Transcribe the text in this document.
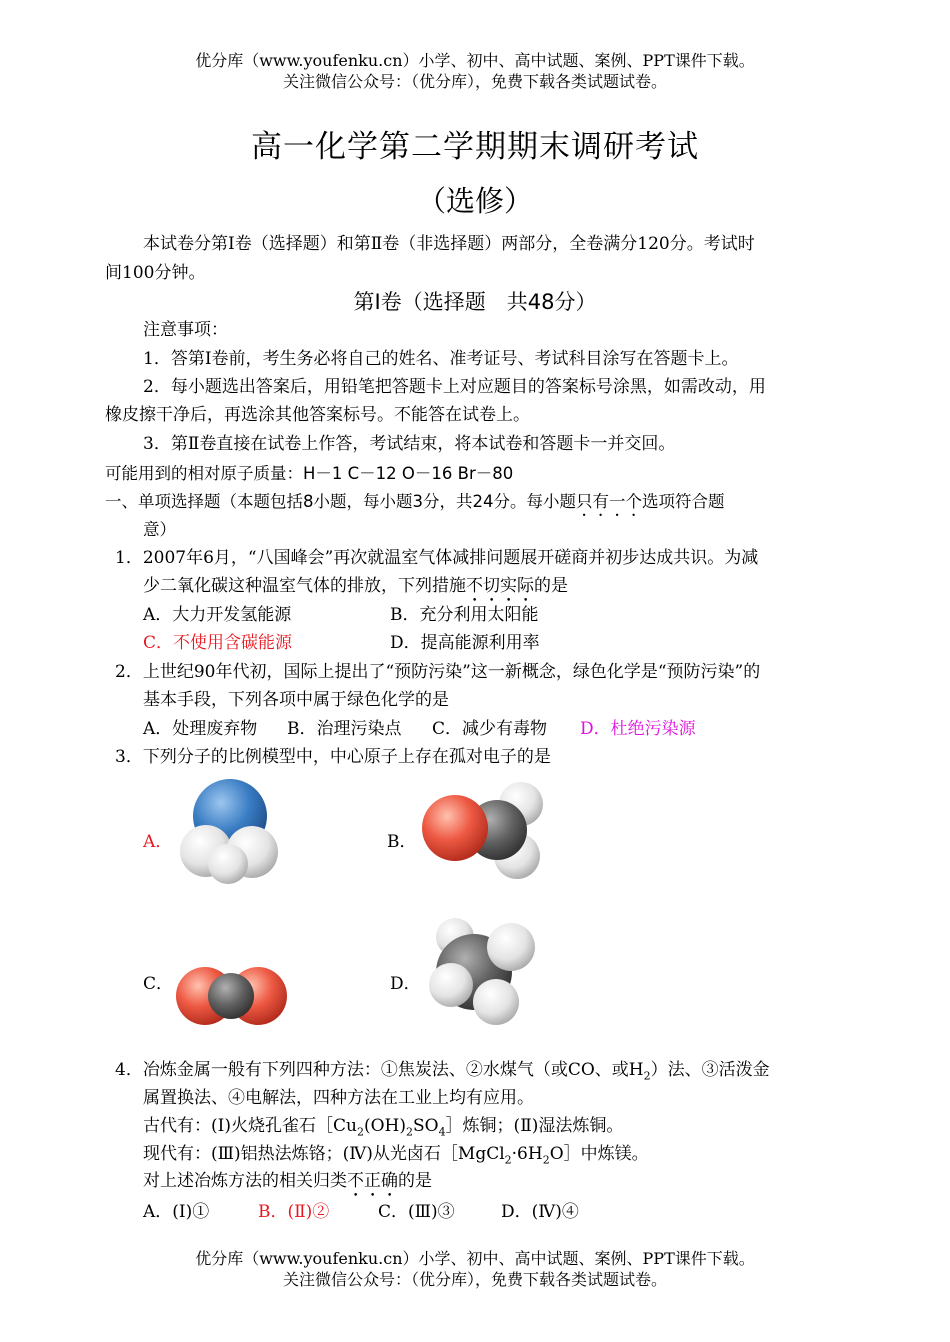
优分库（www.youfenku.cn）小学、初中、高中试题、案例、PPT课件下载。
关注微信公众号：（优分库），免费下载各类试题试卷。
高一化学第二学期期末调研考试
（选修）
本试卷分第Ⅰ卷（选择题）和第Ⅱ卷（非选择题）两部分，全卷满分120分。考试时
间100分钟。
第Ⅰ卷（选择题　共48分）
注意事项：
1．答第Ⅰ卷前，考生务必将自己的姓名、准考证号、考试科目涂写在答题卡上。
2．每小题选出答案后，用铅笔把答题卡上对应题目的答案标号涂黑，如需改动，用
橡皮擦干净后，再选涂其他答案标号。不能答在试卷上。
3．第Ⅱ卷直接在试卷上作答，考试结束，将本试卷和答题卡一并交回。
可能用到的相对原子质量：H－1 C－12 O－16 Br－80
一、单项选择题（本题包括8小题，每小题3分，共24分。每小题只有一个选项符合题
意）
1．2007年6月，“八国峰会”再次就温室气体减排问题展开磋商并初步达成共识。为减
少二氧化碳这种温室气体的排放，下列措施不切实际的是
A．大力开发氢能源	B．充分利用太阳能
C．不使用含碳能源	D．提高能源利用率
2．上世纪90年代初，国际上提出了“预防污染”这一新概念，绿色化学是“预防污染”的
基本手段，下列各项中属于绿色化学的是
A．处理废弃物 B．治理污染点 C．减少有毒物 D．杜绝污染源
3．下列分子的比例模型中，中心原子上存在孤对电子的是
A．	B．
C．	D．
4．冶炼金属一般有下列四种方法：①焦炭法、②水煤气（或CO、或$H_2$）法、③活泼金
属置换法、④电解法，四种方法在工业上均有应用。
古代有：(Ⅰ)火烧孔雀石$[Cu_2(OH)_2SO_4]$炼铜；(Ⅱ)湿法炼铜。
现代有：(Ⅲ)铝热法炼铬；(Ⅳ)从光卤石$[MgCl_2\cdot 6H_2O]$中炼镁。
对上述冶炼方法的相关归类不正确的是
A．(Ⅰ)①	B．(Ⅱ)②	C．(Ⅲ)③	D．(Ⅳ)④
优分库（www.youfenku.cn）小学、初中、高中试题、案例、PPT课件下载。
关注微信公众号：（优分库），免费下载各类试题试卷。
